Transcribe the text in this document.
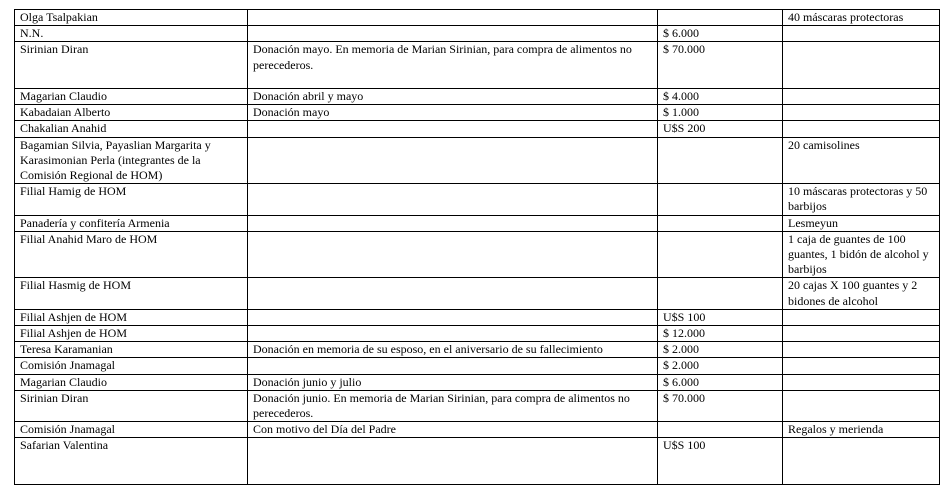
Olga Tsalpakian			40 máscaras protectoras
N.N.		$ 6.000	
Sirinian Diran	Donación mayo. En memoria de Marian Sirinian, para compra de alimentos no perecederos.	$ 70.000	
Magarian Claudio	Donación abril y mayo	$ 4.000	
Kabadaian Alberto	Donación mayo	$ 1.000	
Chakalian Anahid		U$S 200	
Bagamian Silvia, Payaslian Margarita y Karasimonian Perla (integrantes de la Comisión Regional de HOM)			20 camisolines
Filial Hamig de HOM			10 máscaras protectoras y 50 barbijos
Panadería y confitería Armenia			Lesmeyun
Filial Anahid Maro de HOM			1 caja de guantes de 100 guantes, 1 bidón de alcohol y barbijos
Filial Hasmig de HOM			20 cajas X 100 guantes y 2 bidones de alcohol
Filial Ashjen de HOM		U$S 100	
Filial Ashjen de HOM		$ 12.000	
Teresa Karamanian	Donación en memoria de su esposo, en el aniversario de su fallecimiento	$ 2.000	
Comisión Jnamagal		$ 2.000	
Magarian Claudio	Donación junio y julio	$ 6.000	
Sirinian Diran	Donación junio. En memoria de Marian Sirinian, para compra de alimentos no perecederos.	$ 70.000	
Comisión Jnamagal	Con motivo del Día del Padre		Regalos y merienda
Safarian Valentina		U$S 100	
